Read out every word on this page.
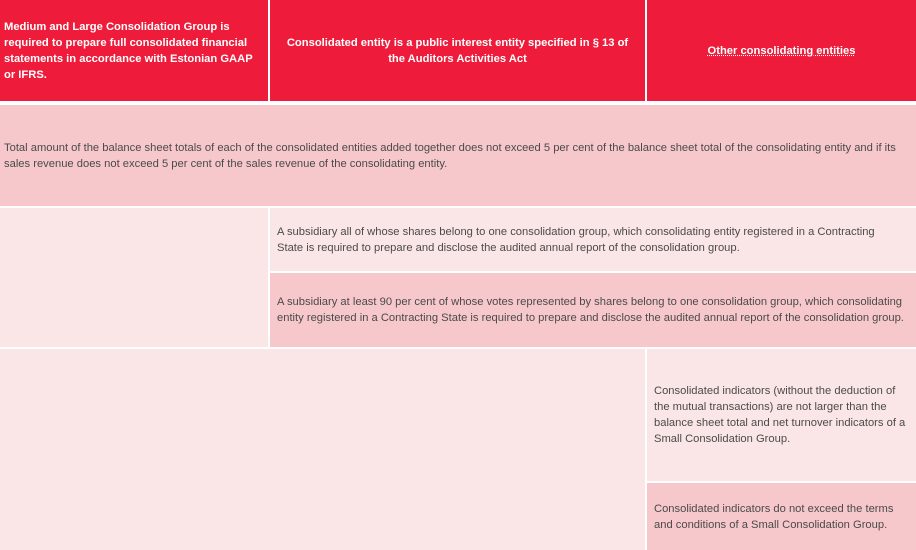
Medium and Large Consolidation Group is required to prepare full consolidated financial statements in accordance with Estonian GAAP or IFRS.
Consolidated entity is a public interest entity specified in § 13 of the Auditors Activities Act
Other consolidating entities
Total amount of the balance sheet totals of each of the consolidated entities added together does not exceed 5 per cent of the balance sheet total of the consolidating entity and if its sales revenue does not exceed 5 per cent of the sales revenue of the consolidating entity.
A subsidiary all of whose shares belong to one consolidation group, which consolidating entity registered in a Contracting State is required to prepare and disclose the audited annual report of the consolidation group.
A subsidiary at least 90 per cent of whose votes represented by shares belong to one consolidation group, which consolidating entity registered in a Contracting State is required to prepare and disclose the audited annual report of the consolidation group.
Consolidated indicators (without the deduction of the mutual transactions) are not larger than the balance sheet total and net turnover indicators of a Small Consolidation Group.
Consolidated indicators do not exceed the terms and conditions of a Small Consolidation Group.
